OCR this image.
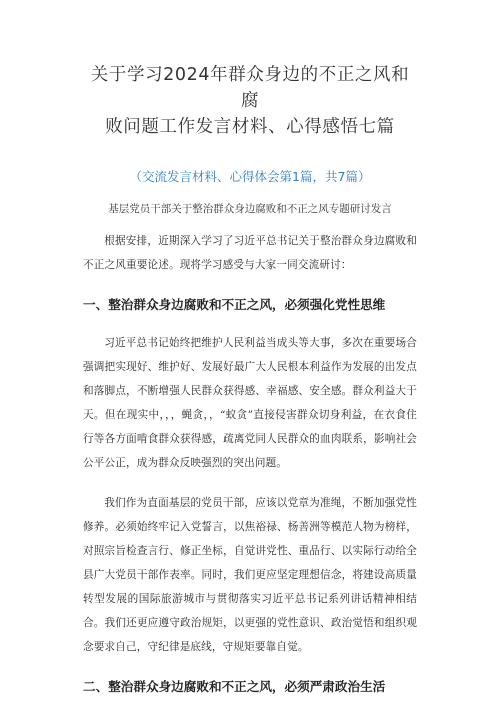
关于学习2024年群众身边的不正之风和腐
败问题工作发言材料、心得感悟七篇
（交流发言材料、心得体会第1篇，共7篇）
基层党员干部关于整治群众身边腐败和不正之风专题研讨发言

根据安排，近期深入学习了习近平总书记关于整治群众身边腐败和不正之风重要论述。现将学习感受与大家一同交流研讨：

一、整治群众身边腐败和不正之风，必须强化党性思维

习近平总书记始终把维护人民利益当成头等大事，多次在重要场合强调把实现好、维护好、发展好最广大人民根本利益作为发展的出发点和落脚点，不断增强人民群众获得感、幸福感、安全感。群众利益大于天。但在现实中，，，蝇贪，，“蚁贪”直接侵害群众切身利益，在衣食住行等各方面啃食群众获得感，疏离党同人民群众的血肉联系，影响社会公平公正，成为群众反映强烈的突出问题。

我们作为直面基层的党员干部，应该以党章为准绳，不断加强党性修养。必须始终牢记入党誓言，以焦裕禄、杨善洲等模范人物为榜样，对照宗旨检查言行、修正坐标，自觉讲党性、重品行、以实际行动给全县广大党员干部作表率。同时，我们更应坚定理想信念，将建设高质量转型发展的国际旅游城市与贯彻落实习近平总书记系列讲话精神相结合。我们还更应遵守政治规矩，以更强的党性意识、政治觉悟和组织观念要求自己，守纪律是底线，守规矩要靠自觉。

二、整治群众身边腐败和不正之风，必须严肃政治生活
